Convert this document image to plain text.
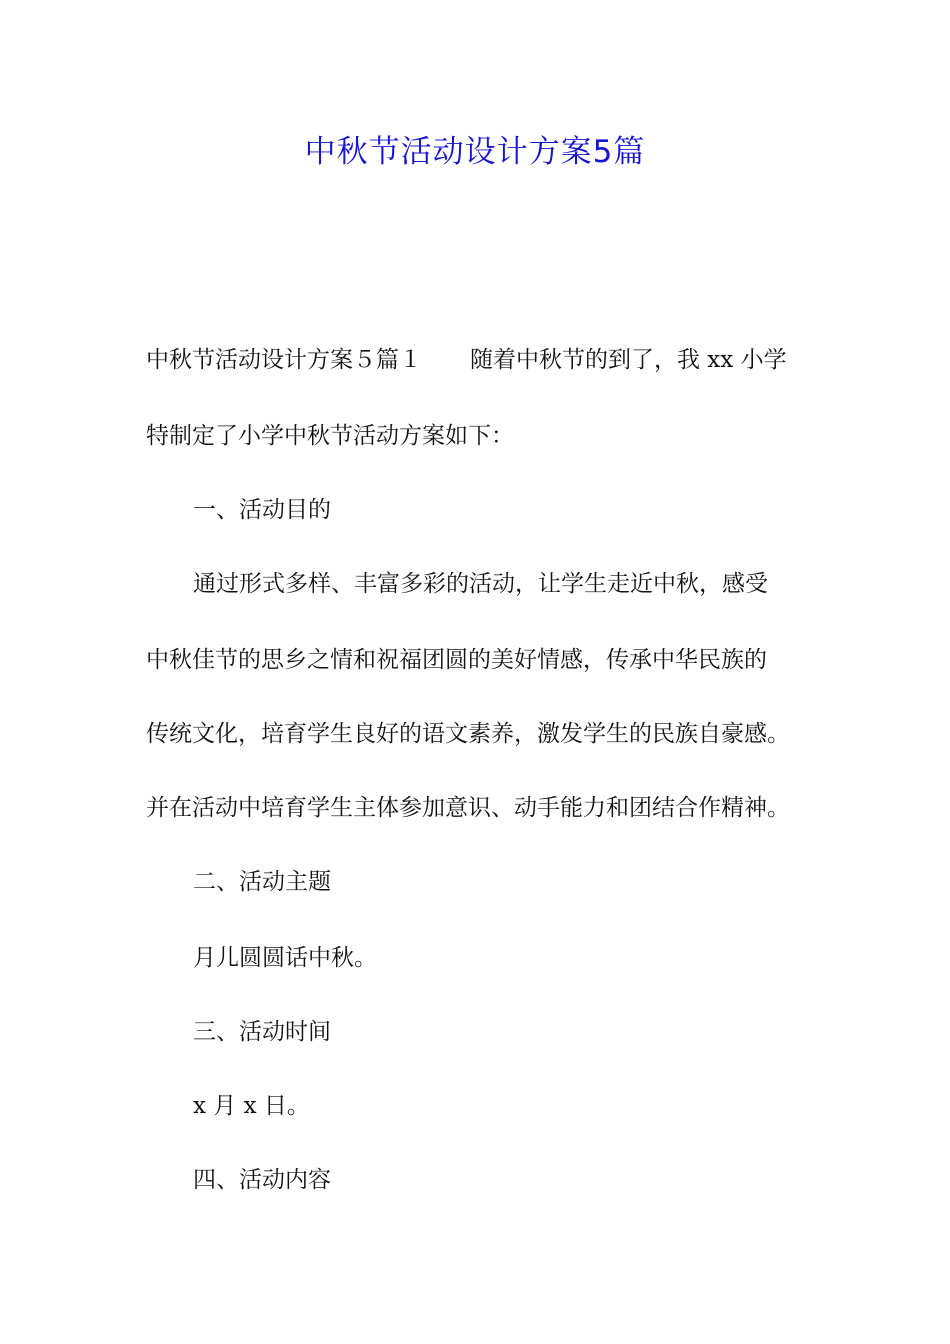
中秋节活动设计方案5篇
中秋节活动设计方案５篇１ 随着中秋节的到了，我 xx 小学
特制定了小学中秋节活动方案如下：
一、活动目的
通过形式多样、丰富多彩的活动，让学生走近中秋，感受
中秋佳节的思乡之情和祝福团圆的美好情感，传承中华民族的
传统文化，培育学生良好的语文素养，激发学生的民族自豪感。
并在活动中培育学生主体参加意识、动手能力和团结合作精神。
二、活动主题
月儿圆圆话中秋。
三、活动时间
x 月 x 日。
四、活动内容
